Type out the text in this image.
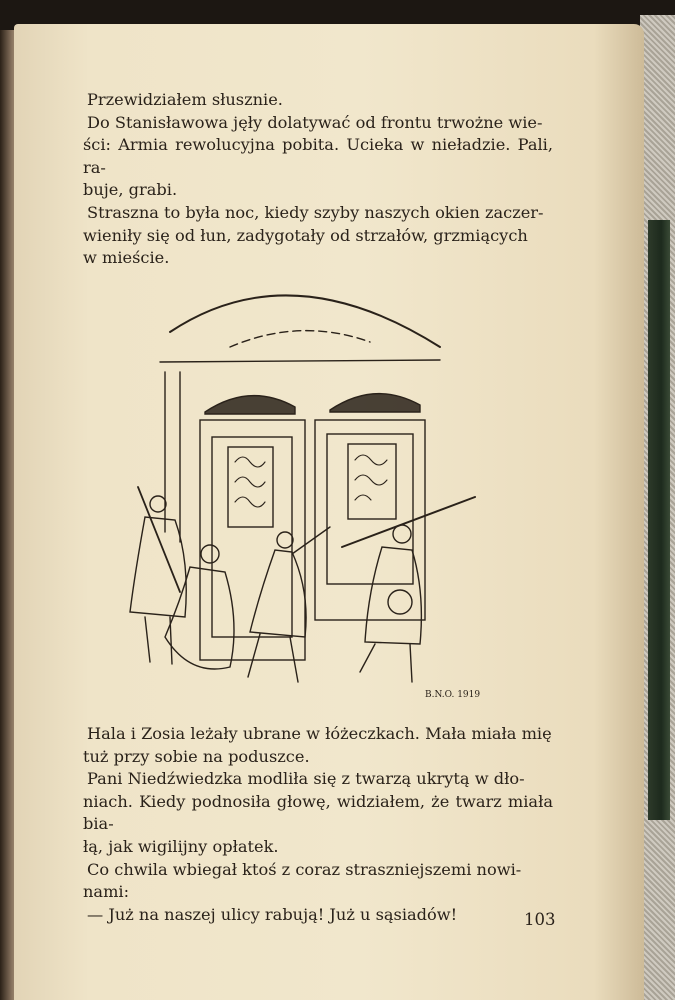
Przewidziałem słusznie.

Do Stanisławowa jęły dolatywać od frontu trwożne wie-

ści: Armia rewolucyjna pobita. Ucieka w nieładzie. Pali, ra-

buje, grabi.

Straszna to była noc, kiedy szyby naszych okien zaczer-

wieniły się od łun, zadygotały od strzałów, grzmiących

w mieście.

B.N.O. 1919

Hala i Zosia leżały ubrane w łóżeczkach. Mała miała mię

tuż przy sobie na poduszce.

Pani Niedźwiedzka modliła się z twarzą ukrytą w dło-

niach. Kiedy podnosiła głowę, widziałem, że twarz miała bia-

łą, jak wigilijny opłatek.

Co chwila wbiegał ktoś z coraz straszniejszemi nowi-

nami:

— Już na naszej ulicy rabują! Już u sąsiadów!	103
